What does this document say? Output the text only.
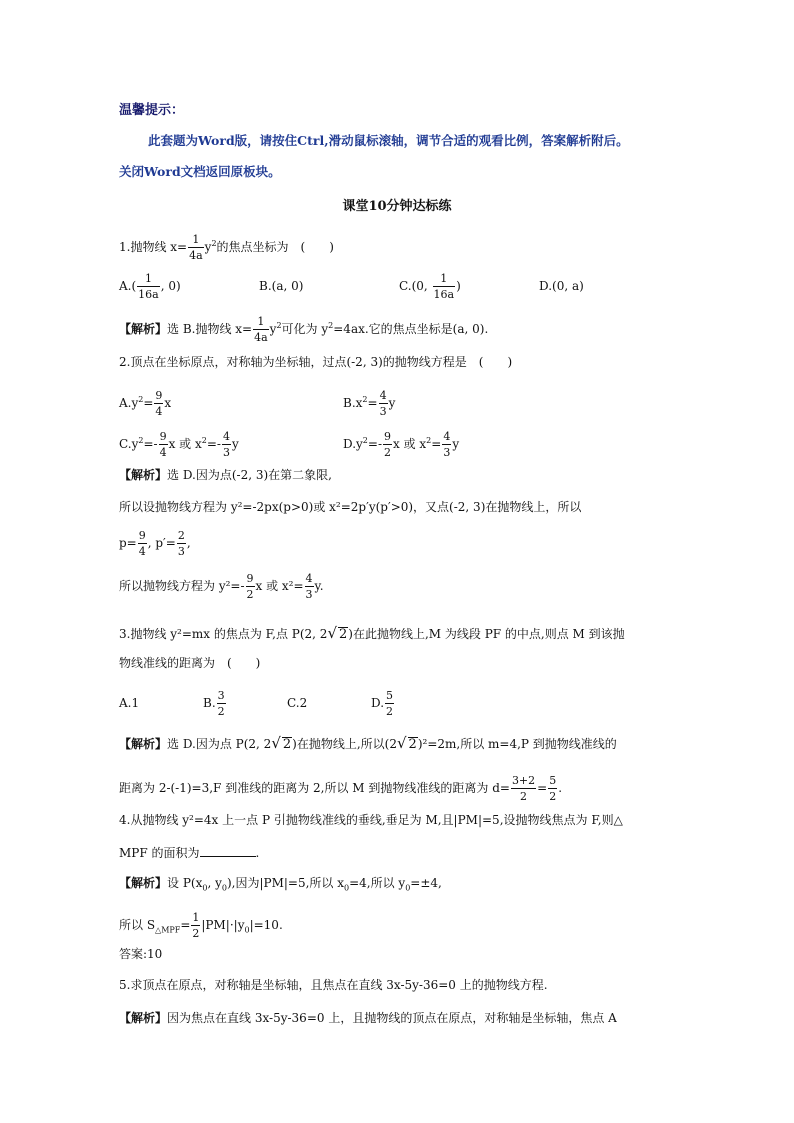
温馨提示：
此套题为Word版，请按住Ctrl,滑动鼠标滚轴，调节合适的观看比例，答案解析附后。
关闭Word文档返回原板块。
课堂10分钟达标练
1.抛物线 $x= \frac{1}{4a} y^2$的焦点坐标为　(　　)
$A.( \frac{1}{16a}$ , 0)	B.(a, 0)	C.(0, $\frac{1}{16a}$ )	D.(0, a)
【解析】选 B.抛物线 $x= \frac{1}{4a} y^2$可化为 $y^2=4ax$.它的焦点坐标是(a, 0).
2.顶点在坐标原点，对称轴为坐标轴，过点(-2, 3)的抛物线方程是　(　　)
$A.y^2= \frac{9}{4}$ x	$B.x^2= \frac{4}{3}$ y
$C.y^2=- \frac{9}{4}$ x 或 $x^2=- \frac{4}{3}$ y	$D.y^2=- \frac{9}{2}$ x 或 $x^2= \frac{4}{3}$ y
【解析】选 D.因为点(-2, 3)在第二象限,
所以设抛物线方程为 y²=-2px(p>0)或 x²=2p′y(p′>0)，又点(-2, 3)在抛物线上，所以
$p= \frac{9}{4}$ , $p'= \frac{2}{3}$ ,
所以抛物线方程为 $y^2=- \frac{9}{2}$ x 或 $x^2= \frac{4}{3} y$.
3.抛物线 y²=mx 的焦点为 F,点 P(2, 2√ 2)在此抛物线上,M 为线段 PF 的中点,则点 M 到该抛
物线准线的距离为　(　　)
A.1	B. $\frac{3}{2}$	C.2	D. $\frac{5}{2}$
【解析】选 D.因为点 P(2, 2√ 2)在抛物线上,所以(2√ 2)²=2m,所以 m=4,P 到抛物线准线的
距离为 2-(-1)=3,F 到准线的距离为 2,所以 M 到抛物线准线的距离为 $d= \frac{3+2}{2} = \frac{5}{2}$ .
4.从抛物线 y²=4x 上一点 P 引抛物线准线的垂线,垂足为 M,且|PM|=5,设抛物线焦点为 F,则△
MPF 的面积为	.
【解析】设 $P(x_0$, $y_0$),因为|PM|=5,所以 $x_0=4$,所以 $y_0=\pm 4$,
所以 $S_{\triangle MPF}= \frac{1}{2} |PM|\cdot|y_0|=10$.
答案:10
5.求顶点在原点，对称轴是坐标轴，且焦点在直线 3x-5y-36=0 上的抛物线方程.
【解析】因为焦点在直线 3x-5y-36=0 上，且抛物线的顶点在原点，对称轴是坐标轴，焦点 A
